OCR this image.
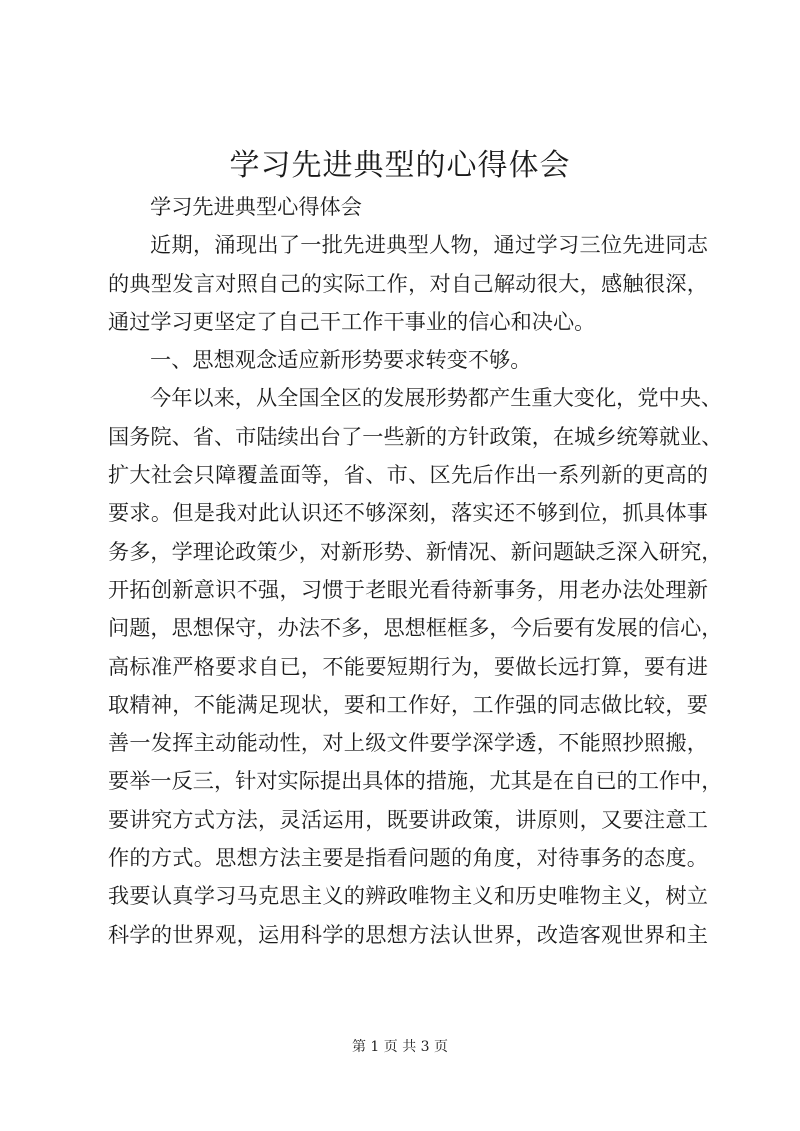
学习先进典型的心得体会
学习先进典型心得体会
近期，涌现出了一批先进典型人物，通过学习三位先进同志
的典型发言对照自己的实际工作，对自己解动很大，感触很深，
通过学习更坚定了自己干工作干事业的信心和决心。
一、思想观念适应新形势要求转变不够。
今年以来，从全国全区的发展形势都产生重大变化，党中央、
国务院、省、市陆续出台了一些新的方针政策，在城乡统筹就业、
扩大社会只障覆盖面等，省、市、区先后作出一系列新的更高的
要求。但是我对此认识还不够深刻，落实还不够到位，抓具体事
务多，学理论政策少，对新形势、新情况、新问题缺乏深入研究，
开拓创新意识不强，习惯于老眼光看待新事务，用老办法处理新
问题，思想保守，办法不多，思想框框多，今后要有发展的信心，
高标准严格要求自已，不能要短期行为，要做长远打算，要有进
取精神，不能满足现状，要和工作好，工作强的同志做比较，要
善一发挥主动能动性，对上级文件要学深学透，不能照抄照搬，
要举一反三，针对实际提出具体的措施，尤其是在自已的工作中，
要讲究方式方法，灵活运用，既要讲政策，讲原则，又要注意工
作的方式。思想方法主要是指看问题的角度，对待事务的态度。
我要认真学习马克思主义的辨政唯物主义和历史唯物主义，树立
科学的世界观，运用科学的思想方法认世界，改造客观世界和主
第 1 页 共 3 页
